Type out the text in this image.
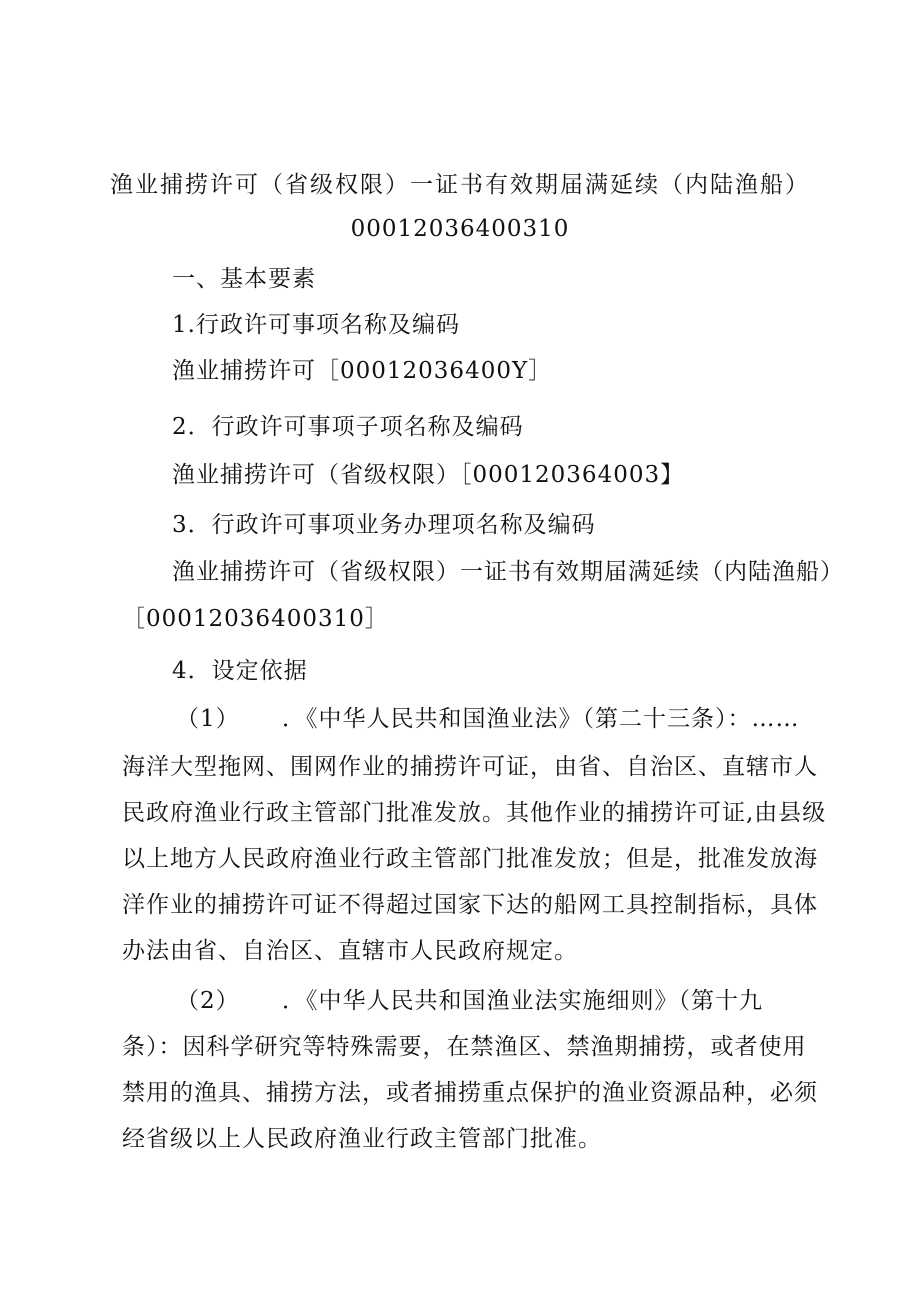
渔业捕捞许可（省级权限）一证书有效期届满延续（内陆渔船）
00012036400310
一、基本要素
1.行政许可事项名称及编码
渔业捕捞许可［00012036400Y］
2．行政许可事项子项名称及编码
渔业捕捞许可（省级权限）［000120364003】
3．行政许可事项业务办理项名称及编码
渔业捕捞许可（省级权限）一证书有效期届满延续（内陆渔船）
［00012036400310］
4．设定依据
（1） ．《中华人民共和国渔业法》（第二十三条）：……
海洋大型拖网、围网作业的捕捞许可证，由省、自治区、直辖市人
民政府渔业行政主管部门批准发放。其他作业的捕捞许可证,由县级
以上地方人民政府渔业行政主管部门批准发放；但是，批准发放海
洋作业的捕捞许可证不得超过国家下达的船网工具控制指标，具体
办法由省、自治区、直辖市人民政府规定。
（2） ．《中华人民共和国渔业法实施细则》（第十九
条）：因科学研究等特殊需要，在禁渔区、禁渔期捕捞，或者使用
禁用的渔具、捕捞方法，或者捕捞重点保护的渔业资源品种，必须
经省级以上人民政府渔业行政主管部门批准。
